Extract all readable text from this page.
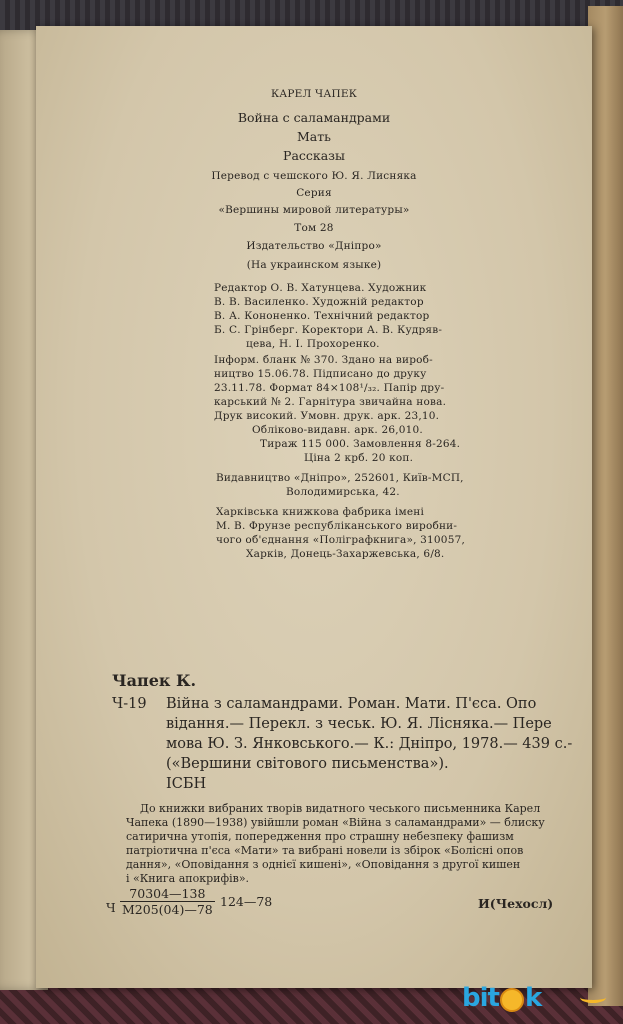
КАРЕЛ ЧАПЕК

Война с саламандрами

Мать

Рассказы

Перевод с чешского Ю. Я. Лисняка

Серия

«Вершины мировой литературы»

Том 28

Издательство «Дніпро»

(На украинском языке)

Редактор О. В. Хатунцева. Художник

В. В. Василенко. Художній редактор

В. А. Кононенко. Технічний редактор

Б. С. Грінберг. Коректори А. В. Кудряв-

цева, Н. І. Прохоренко.

Інформ. бланк № 370. Здано на вироб-

ництво 15.06.78. Підписано до друку

23.11.78. Формат 84×108¹/₃₂. Папір дру-

карський № 2. Гарнітура звичайна нова.

Друк високий. Умовн. друк. арк. 23,10.

Обліково-видавн. арк. 26,010.

Тираж 115 000. Замовлення 8-264.

Ціна 2 крб. 20 коп.

Видавництво «Дніпро», 252601, Київ-МСП,

Володимирська, 42.

Харківська книжкова фабрика імені

М. В. Фрунзе республіканського виробни-

чого об'єднання «Поліграфкнига», 310057,

Харків, Донець-Захаржевська, 6/8.

Чапек К.

Ч-19 Війна з саламандрами. Роман. Мати. П'єса. Опо

відання.— Перекл. з чеськ. Ю. Я. Лісняка.— Пере

мова Ю. З. Янковського.— К.: Дніпро, 1978.— 439 с.-

(«Вершини світового письменства»).

ІСБН

До книжки вибраних творів видатного чеського письменника Карел

Чапека (1890—1938) увійшли роман «Війна з саламандрами» — блиску

сатирична утопія, попередження про страшну небезпеку фашизм

патріотична п'єса «Мати» та вибрані новели із збірок «Болісні опов

дання», «Оповідання з однієї кишені», «Оповідання з другої кишен

і «Книга апокрифів».

Ч

70304—138
М205(04)—78

124—78	И(Чехосл)

bit k
